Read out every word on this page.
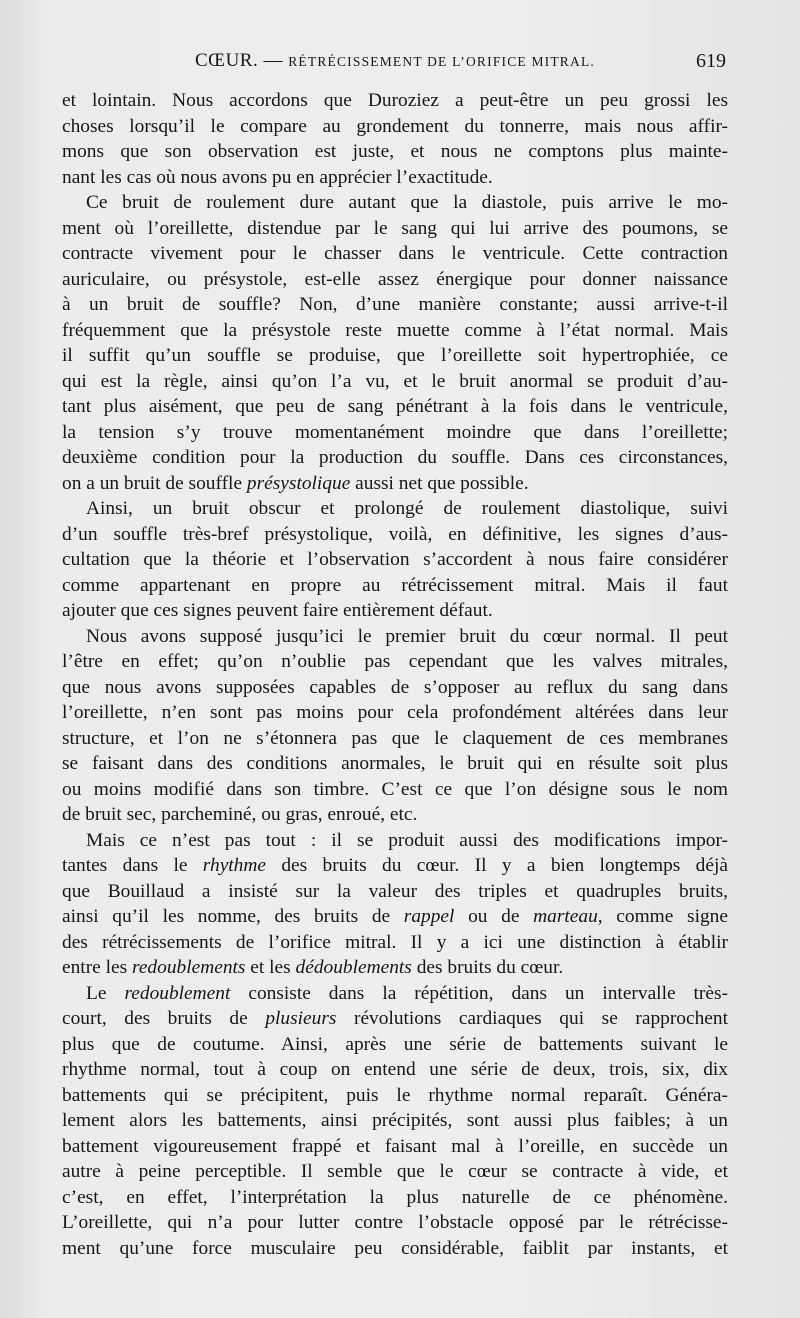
CŒUR. — RÉTRÉCISSEMENT DE L’ORIFICE MITRAL.	619
et lointain. Nous accordons que Duroziez a peut-être un peu grossi les
choses lorsqu’il le compare au grondement du tonnerre, mais nous affir-
mons que son observation est juste, et nous ne comptons plus mainte-
nant les cas où nous avons pu en apprécier l’exactitude.
Ce bruit de roulement dure autant que la diastole, puis arrive le mo-
ment où l’oreillette, distendue par le sang qui lui arrive des poumons, se
contracte vivement pour le chasser dans le ventricule. Cette contraction
auriculaire, ou présystole, est-elle assez énergique pour donner naissance
à un bruit de souffle? Non, d’une manière constante; aussi arrive-t-il
fréquemment que la présystole reste muette comme à l’état normal. Mais
il suffit qu’un souffle se produise, que l’oreillette soit hypertrophiée, ce
qui est la règle, ainsi qu’on l’a vu, et le bruit anormal se produit d’au-
tant plus aisément, que peu de sang pénétrant à la fois dans le ventricule,
la tension s’y trouve momentanément moindre que dans l’oreillette;
deuxième condition pour la production du souffle. Dans ces circonstances,
on a un bruit de souffle présystolique aussi net que possible.
Ainsi, un bruit obscur et prolongé de roulement diastolique, suivi
d’un souffle très-bref présystolique, voilà, en définitive, les signes d’aus-
cultation que la théorie et l’observation s’accordent à nous faire considérer
comme appartenant en propre au rétrécissement mitral. Mais il faut
ajouter que ces signes peuvent faire entièrement défaut.
Nous avons supposé jusqu’ici le premier bruit du cœur normal. Il peut
l’être en effet; qu’on n’oublie pas cependant que les valves mitrales,
que nous avons supposées capables de s’opposer au reflux du sang dans
l’oreillette, n’en sont pas moins pour cela profondément altérées dans leur
structure, et l’on ne s’étonnera pas que le claquement de ces membranes
se faisant dans des conditions anormales, le bruit qui en résulte soit plus
ou moins modifié dans son timbre. C’est ce que l’on désigne sous le nom
de bruit sec, parcheminé, ou gras, enroué, etc.
Mais ce n’est pas tout : il se produit aussi des modifications impor-
tantes dans le rhythme des bruits du cœur. Il y a bien longtemps déjà
que Bouillaud a insisté sur la valeur des triples et quadruples bruits,
ainsi qu’il les nomme, des bruits de rappel ou de marteau, comme signe
des rétrécissements de l’orifice mitral. Il y a ici une distinction à établir
entre les redoublements et les dédoublements des bruits du cœur.
Le redoublement consiste dans la répétition, dans un intervalle très-
court, des bruits de plusieurs révolutions cardiaques qui se rapprochent
plus que de coutume. Ainsi, après une série de battements suivant le
rhythme normal, tout à coup on entend une série de deux, trois, six, dix
battements qui se précipitent, puis le rhythme normal reparaît. Généra-
lement alors les battements, ainsi précipités, sont aussi plus faibles; à un
battement vigoureusement frappé et faisant mal à l’oreille, en succède un
autre à peine perceptible. Il semble que le cœur se contracte à vide, et
c’est, en effet, l’interprétation la plus naturelle de ce phénomène.
L’oreillette, qui n’a pour lutter contre l’obstacle opposé par le rétrécisse-
ment qu’une force musculaire peu considérable, faiblit par instants, et
